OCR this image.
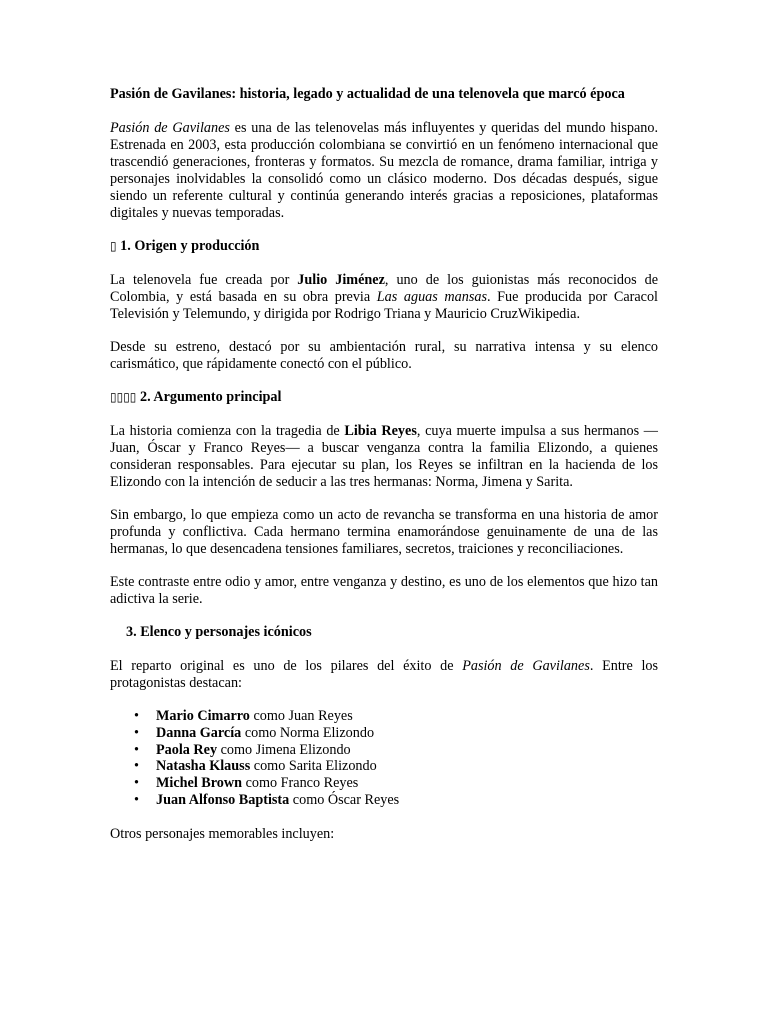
Pasión de Gavilanes: historia, legado y actualidad de una telenovela que marcó época

Pasión de Gavilanes es una de las telenovelas más influyentes y queridas del mundo hispano. Estrenada en 2003, esta producción colombiana se convirtió en un fenómeno internacional que trascendió generaciones, fronteras y formatos. Su mezcla de romance, drama familiar, intriga y personajes inolvidables la consolidó como un clásico moderno. Dos décadas después, sigue siendo un referente cultural y continúa generando interés gracias a reposiciones, plataformas digitales y nuevas temporadas.

▯ 1. Origen y producción

La telenovela fue creada por Julio Jiménez, uno de los guionistas más reconocidos de Colombia, y está basada en su obra previa Las aguas mansas. Fue producida por Caracol Televisión y Telemundo, y dirigida por Rodrigo Triana y Mauricio CruzWikipedia.

Desde su estreno, destacó por su ambientación rural, su narrativa intensa y su elenco carismático, que rápidamente conectó con el público.

▯▯▯▯ 2. Argumento principal

La historia comienza con la tragedia de Libia Reyes, cuya muerte impulsa a sus hermanos —Juan, Óscar y Franco Reyes— a buscar venganza contra la familia Elizondo, a quienes consideran responsables. Para ejecutar su plan, los Reyes se infiltran en la hacienda de los Elizondo con la intención de seducir a las tres hermanas: Norma, Jimena y Sarita.

Sin embargo, lo que empieza como un acto de revancha se transforma en una historia de amor profunda y conflictiva. Cada hermano termina enamorándose genuinamente de una de las hermanas, lo que desencadena tensiones familiares, secretos, traiciones y reconciliaciones.

Este contraste entre odio y amor, entre venganza y destino, es uno de los elementos que hizo tan adictiva la serie.

3. Elenco y personajes icónicos

El reparto original es uno de los pilares del éxito de Pasión de Gavilanes. Entre los protagonistas destacan:

• Mario Cimarro como Juan Reyes
• Danna García como Norma Elizondo
• Paola Rey como Jimena Elizondo
• Natasha Klauss como Sarita Elizondo
• Michel Brown como Franco Reyes
• Juan Alfonso Baptista como Óscar Reyes

Otros personajes memorables incluyen:
